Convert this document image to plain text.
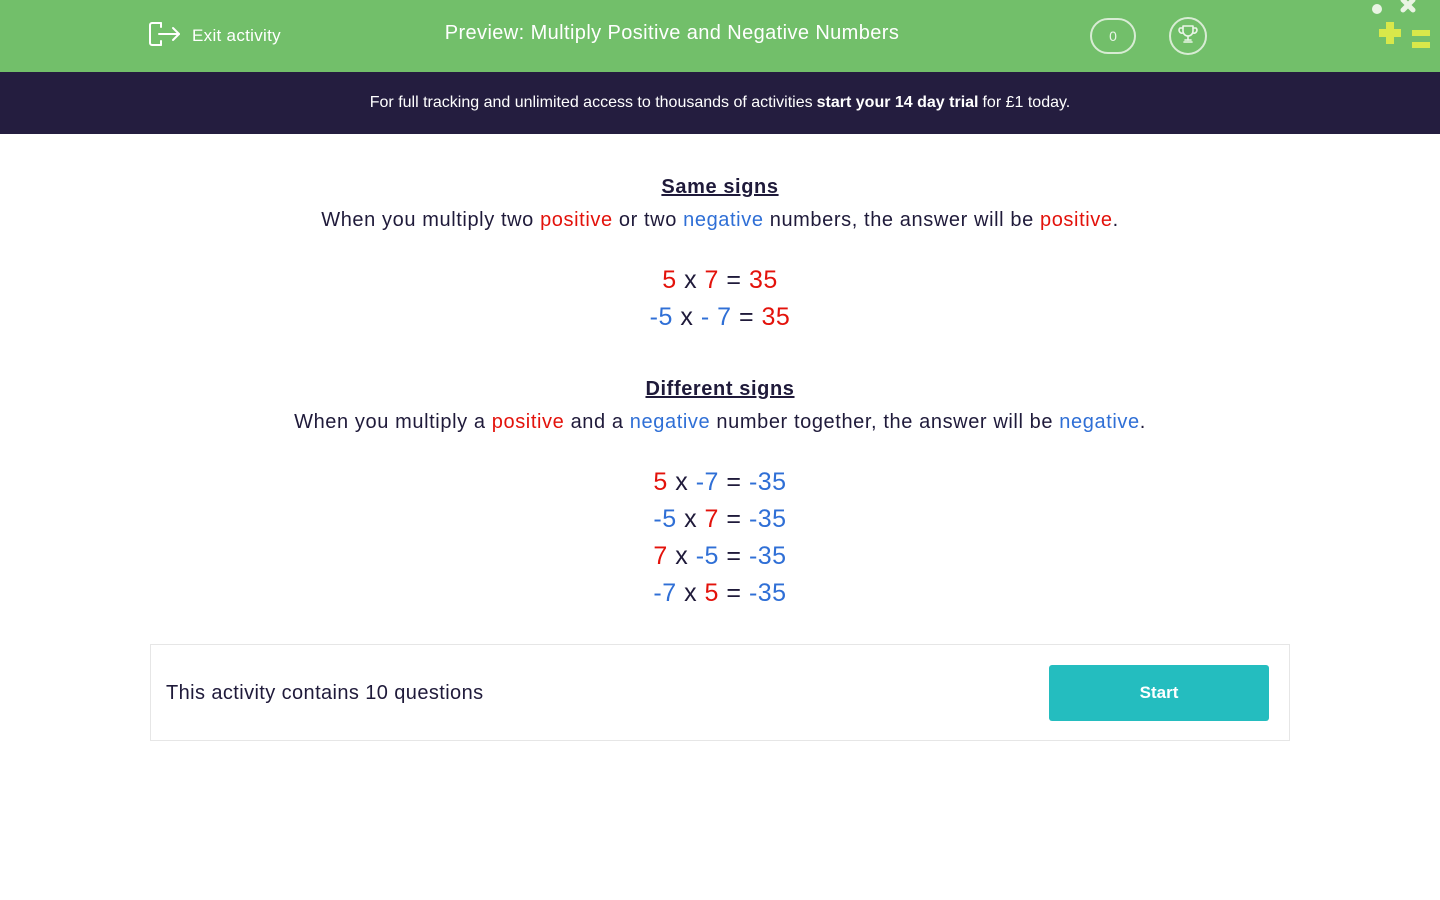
Exit activity	Preview: Multiply Positive and Negative Numbers	0
For full tracking and unlimited access to thousands of activities start your 14 day trial for £1 today.
Same signs
When you multiply two positive or two negative numbers, the answer will be positive.
5 x 7 = 35
-5 x - 7 = 35
Different signs
When you multiply a positive and a negative number together, the answer will be negative.
5 x -7 = -35
-5 x 7 = -35
7 x -5 = -35
-7 x 5 = -35
This activity contains 10 questions	Start
